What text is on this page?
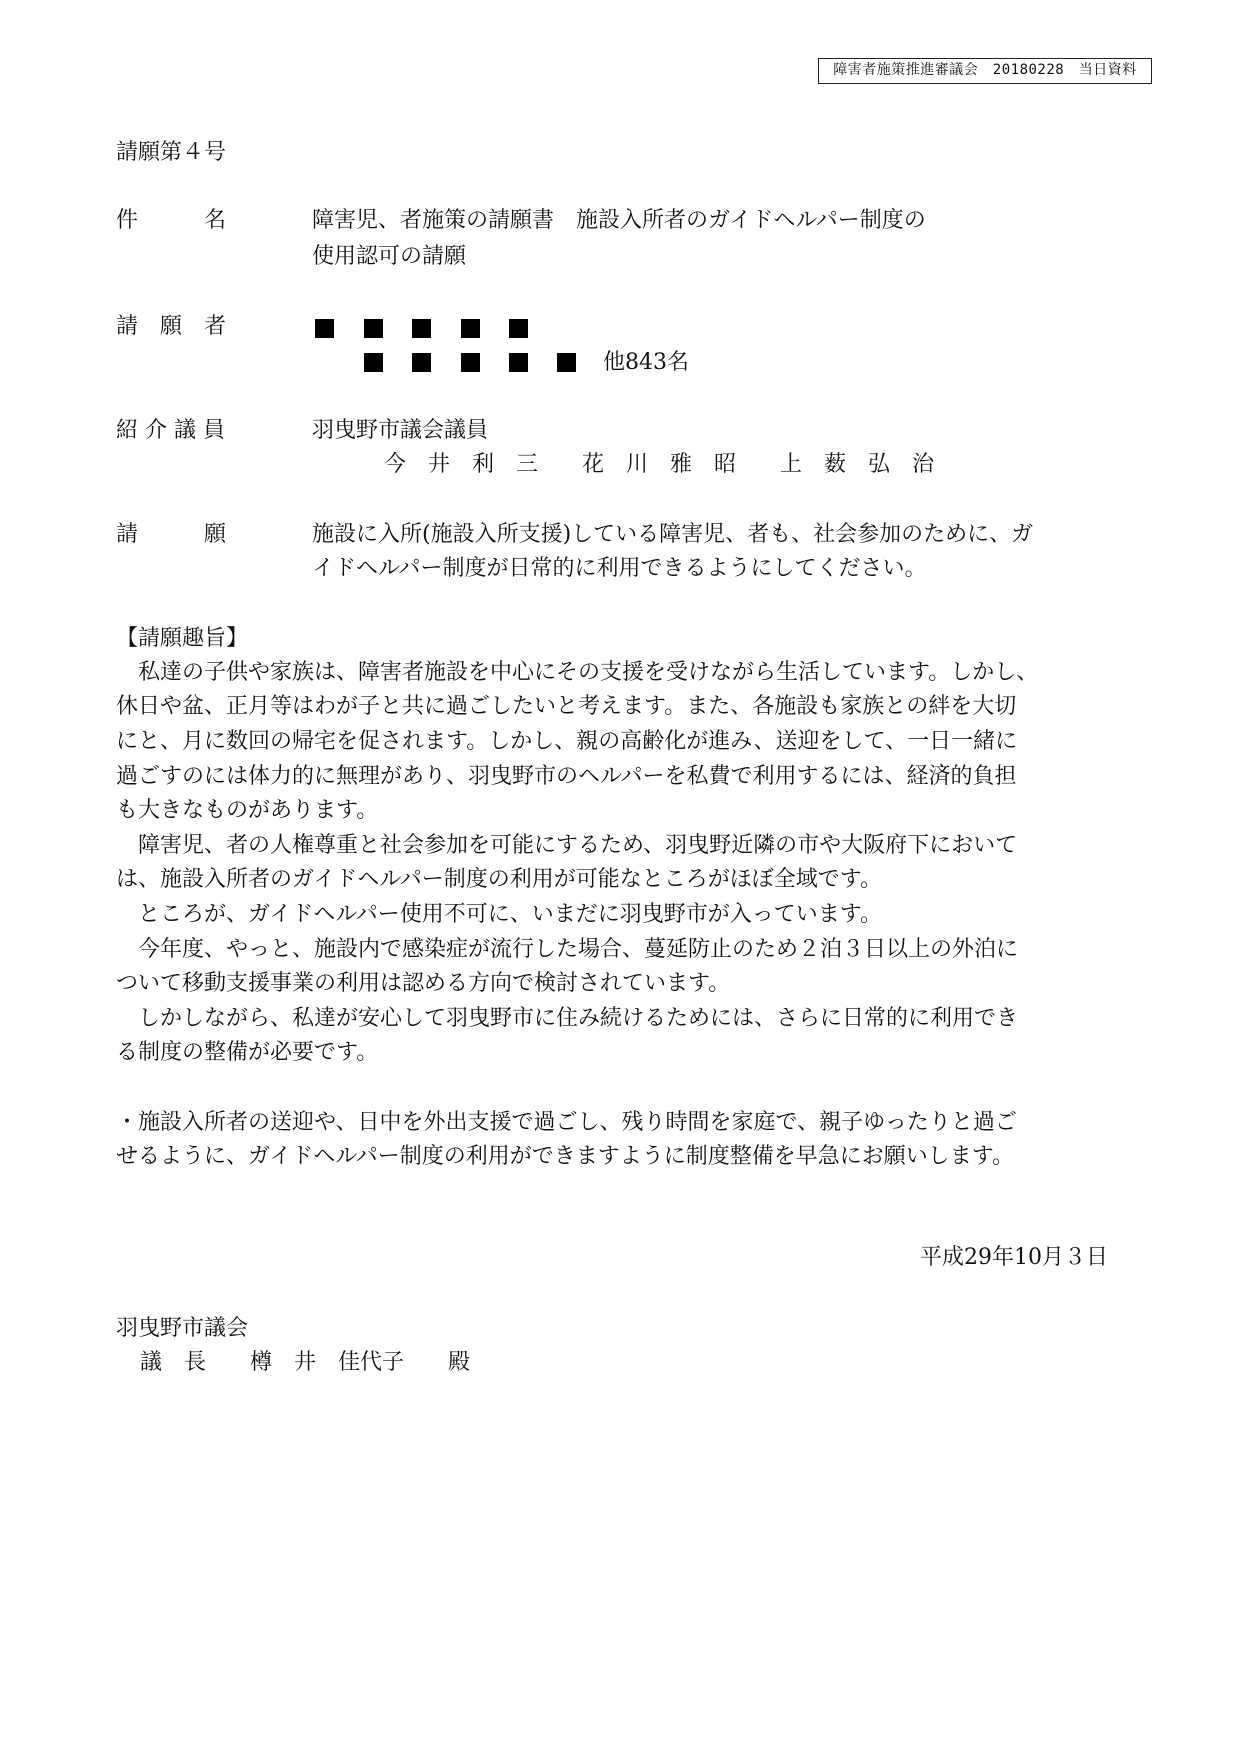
障害者施策推進審議会　20180228　当日資料
請願第４号
件　　　名	障害児、者施策の請願書　施設入所者のガイドヘルパー制度の
使用認可の請願
請　願　者
他843名
紹 介 議 員	羽曳野市議会議員
今　井　利　三　　花　川　雅　昭　　上　薮　弘　治
請　　　願	施設に入所(施設入所支援)している障害児、者も、社会参加のために、ガ
イドヘルパー制度が日常的に利用できるようにしてください。
【請願趣旨】
　私達の子供や家族は、障害者施設を中心にその支援を受けながら生活しています。しかし、
休日や盆、正月等はわが子と共に過ごしたいと考えます。また、各施設も家族との絆を大切
にと、月に数回の帰宅を促されます。しかし、親の高齢化が進み、送迎をして、一日一緒に
過ごすのには体力的に無理があり、羽曳野市のヘルパーを私費で利用するには、経済的負担
も大きなものがあります。
　障害児、者の人権尊重と社会参加を可能にするため、羽曳野近隣の市や大阪府下において
は、施設入所者のガイドヘルパー制度の利用が可能なところがほぼ全域です。
　ところが、ガイドヘルパー使用不可に、いまだに羽曳野市が入っています。
　今年度、やっと、施設内で感染症が流行した場合、蔓延防止のため２泊３日以上の外泊に
ついて移動支援事業の利用は認める方向で検討されています。
　しかしながら、私達が安心して羽曳野市に住み続けるためには、さらに日常的に利用でき
る制度の整備が必要です。
・施設入所者の送迎や、日中を外出支援で過ごし、残り時間を家庭で、親子ゆったりと過ご
せるように、ガイドヘルパー制度の利用ができますように制度整備を早急にお願いします。
平成29年10月３日
羽曳野市議会
議　長　　樽　井　佳代子　　殿
